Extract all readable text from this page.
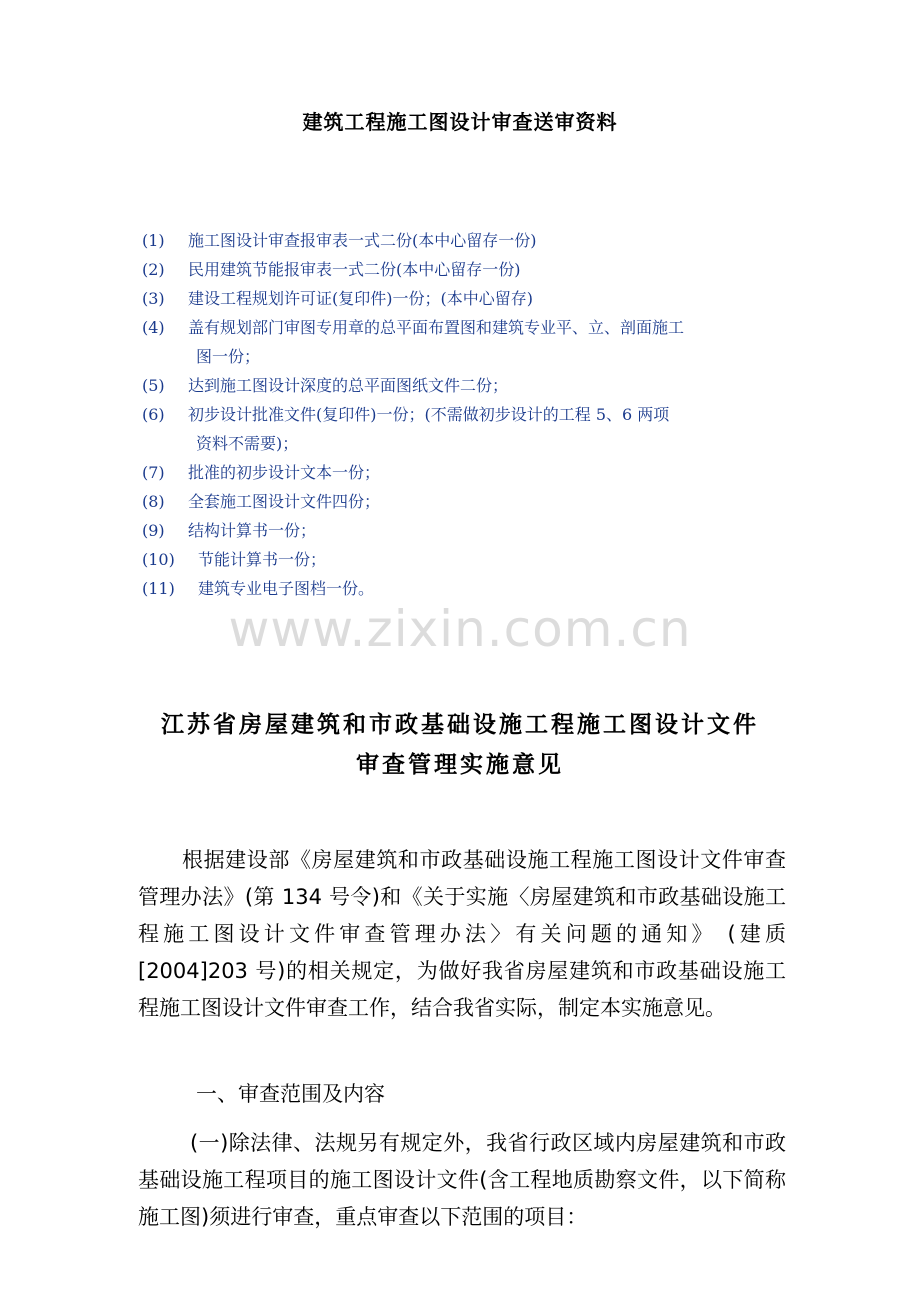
建筑工程施工图设计审查送审资料
(1)	施工图设计审查报审表一式二份(本中心留存一份)
(2)	民用建筑节能报审表一式二份(本中心留存一份)
(3)	建设工程规划许可证(复印件)一份；(本中心留存)
(4)	盖有规划部门审图专用章的总平面布置图和建筑专业平、立、剖面施工
图一份；
(5)	达到施工图设计深度的总平面图纸文件二份；
(6)	初步设计批准文件(复印件)一份；(不需做初步设计的工程 5、6 两项
资料不需要)；
(7)	批准的初步设计文本一份；
(8)	全套施工图设计文件四份；
(9)	结构计算书一份；
(10)	节能计算书一份；
(11)	建筑专业电子图档一份。
www.zixin.com.cn
江苏省房屋建筑和市政基础设施工程施工图设计文件
审查管理实施意见
根据建设部《房屋建筑和市政基础设施工程施工图设计文件审查管理办法》(第 134 号令)和《关于实施〈房屋建筑和市政基础设施工程施工图设计文件审查管理办法〉有关问题的通知》 (建质[2004]203 号)的相关规定，为做好我省房屋建筑和市政基础设施工程施工图设计文件审查工作，结合我省实际，制定本实施意见。
一、审查范围及内容
(一)除法律、法规另有规定外，我省行政区域内房屋建筑和市政基础设施工程项目的施工图设计文件(含工程地质勘察文件，以下简称施工图)须进行审查，重点审查以下范围的项目：
